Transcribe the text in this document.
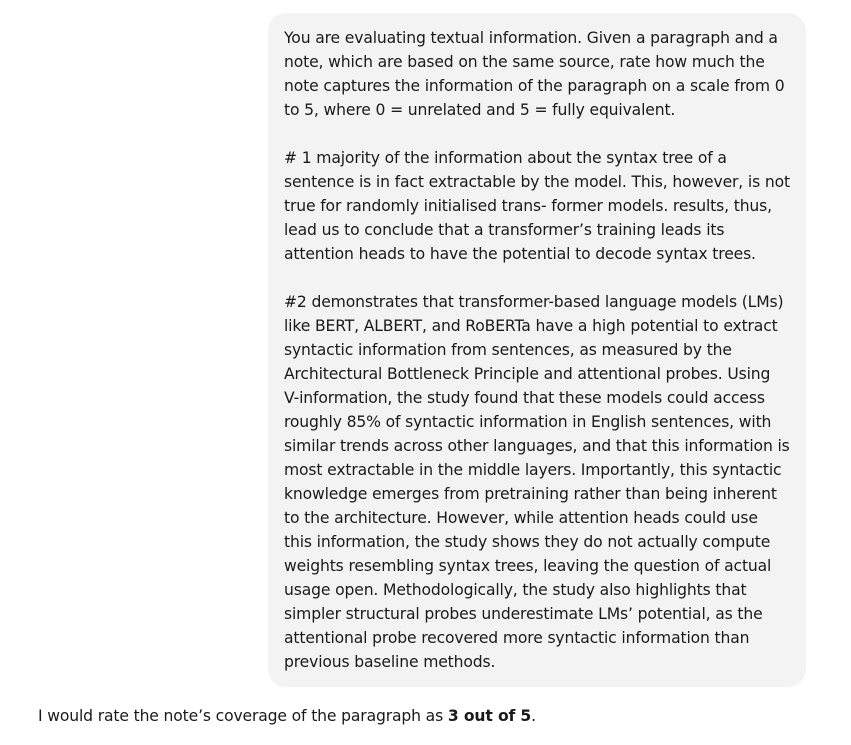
You are evaluating textual information. Given a paragraph and a note, which are based on the same source, rate how much the note captures the information of the paragraph on a scale from 0 to 5, where 0 = unrelated and 5 = fully equivalent.

# 1 majority of the information about the syntax tree of a sentence is in fact extractable by the model. This, however, is not true for randomly initialised trans- former models. results, thus, lead us to conclude that a transformer’s training leads its attention heads to have the potential to decode syntax trees.

#2 demonstrates that transformer-based language models (LMs) like BERT, ALBERT, and RoBERTa have a high potential to extract syntactic information from sentences, as measured by the Architectural Bottleneck Principle and attentional probes. Using V-information, the study found that these models could access roughly 85% of syntactic information in English sentences, with similar trends across other languages, and that this information is most extractable in the middle layers. Importantly, this syntactic knowledge emerges from pretraining rather than being inherent to the architecture. However, while attention heads could use this information, the study shows they do not actually compute weights resembling syntax trees, leaving the question of actual usage open. Methodologically, the study also highlights that simpler structural probes underestimate LMs’ potential, as the attentional probe recovered more syntactic information than previous baseline methods.

I would rate the note’s coverage of the paragraph as 3 out of 5.
